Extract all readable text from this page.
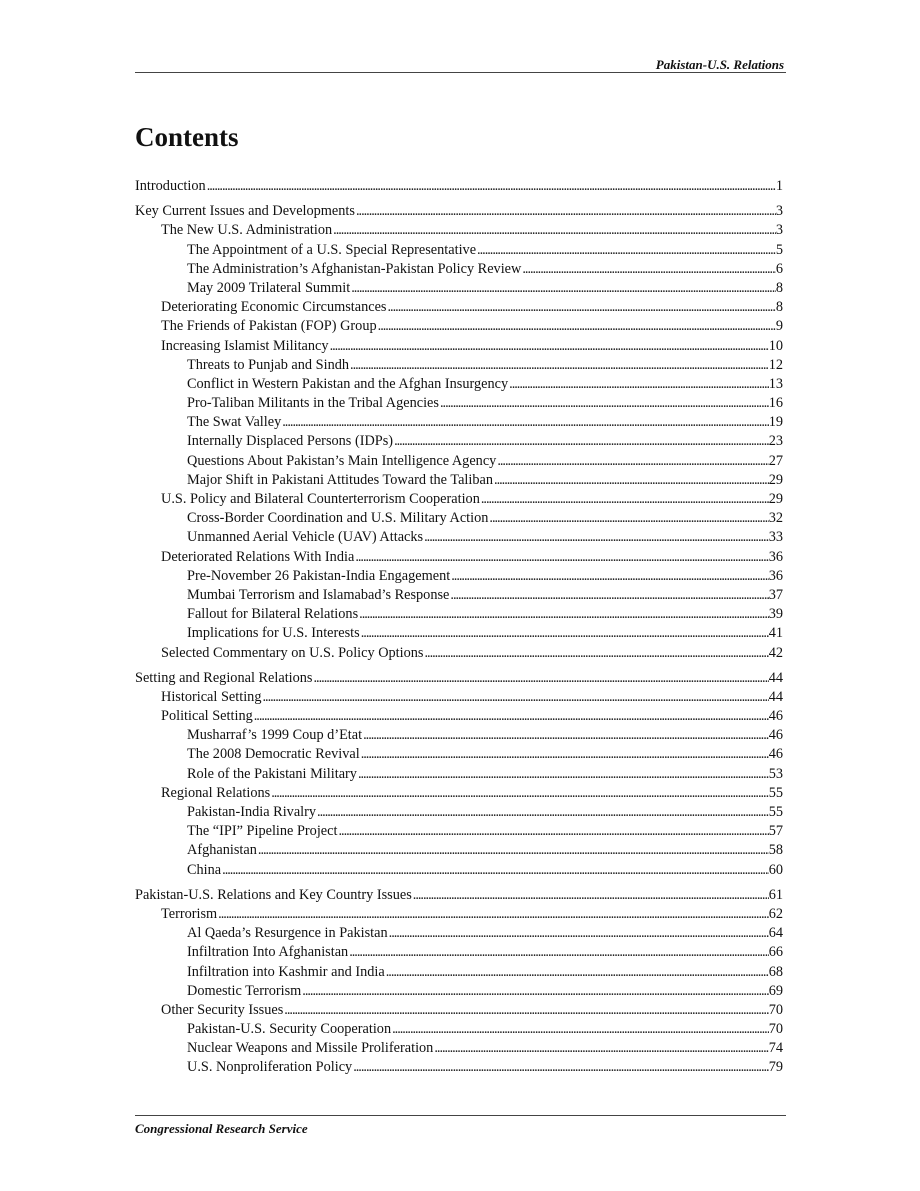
Pakistan-U.S. Relations
Contents
Introduction . . .	1
Key Current Issues and Developments . . .	3
The New U.S. Administration . . .	3
The Appointment of a U.S. Special Representative . . .	5
The Administration’s Afghanistan-Pakistan Policy Review . . .	6
May 2009 Trilateral Summit . . .	8
Deteriorating Economic Circumstances . . .	8
The Friends of Pakistan (FOP) Group . . .	9
Increasing Islamist Militancy . . .	10
Threats to Punjab and Sindh . . .	12
Conflict in Western Pakistan and the Afghan Insurgency . . .	13
Pro-Taliban Militants in the Tribal Agencies . . .	16
The Swat Valley . . .	19
Internally Displaced Persons (IDPs) . . .	23
Questions About Pakistan’s Main Intelligence Agency . . .	27
Major Shift in Pakistani Attitudes Toward the Taliban . . .	29
U.S. Policy and Bilateral Counterterrorism Cooperation . . .	29
Cross-Border Coordination and U.S. Military Action . . .	32
Unmanned Aerial Vehicle (UAV) Attacks . . .	33
Deteriorated Relations With India . . .	36
Pre-November 26 Pakistan-India Engagement . . .	36
Mumbai Terrorism and Islamabad’s Response . . .	37
Fallout for Bilateral Relations . . .	39
Implications for U.S. Interests . . .	41
Selected Commentary on U.S. Policy Options . . .	42
Setting and Regional Relations . . .	44
Historical Setting . . .	44
Political Setting . . .	46
Musharraf’s 1999 Coup d’Etat . . .	46
The 2008 Democratic Revival . . .	46
Role of the Pakistani Military . . .	53
Regional Relations . . .	55
Pakistan-India Rivalry . . .	55
The “IPI” Pipeline Project . . .	57
Afghanistan . . .	58
China . . .	60
Pakistan-U.S. Relations and Key Country Issues . . .	61
Terrorism . . .	62
Al Qaeda’s Resurgence in Pakistan . . .	64
Infiltration Into Afghanistan . . .	66
Infiltration into Kashmir and India . . .	68
Domestic Terrorism . . .	69
Other Security Issues . . .	70
Pakistan-U.S. Security Cooperation . . .	70
Nuclear Weapons and Missile Proliferation . . .	74
U.S. Nonproliferation Policy . . .	79
Congressional Research Service
